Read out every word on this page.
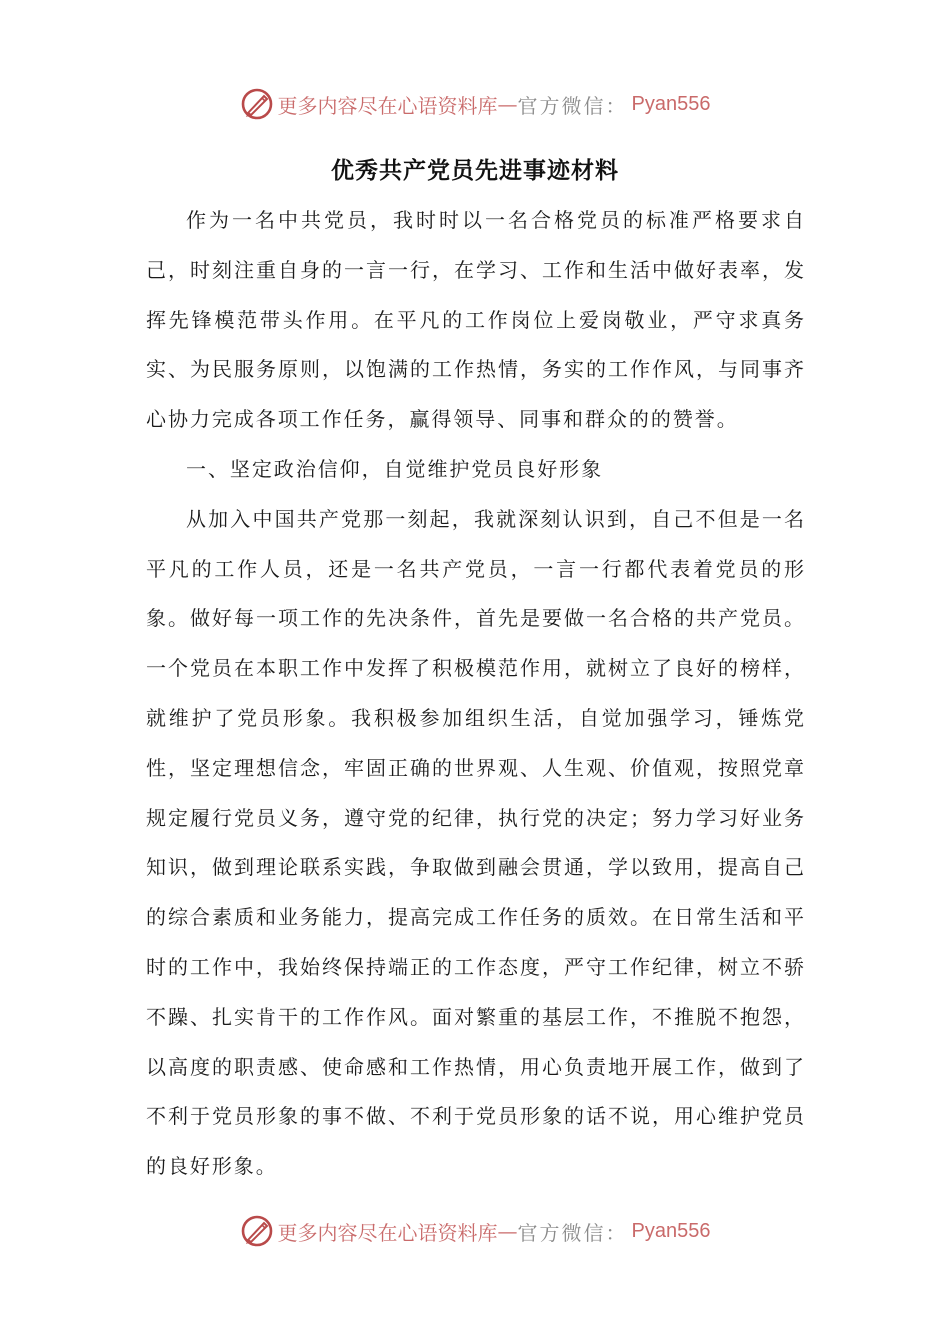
更多内容尽在心语资料库 — 官方微信： Pyan556
优秀共产党员先进事迹材料

作为一名中共党员，我时时以一名合格党员的标准严格要求自己，时刻注重自身的一言一行，在学习、工作和生活中做好表率，发挥先锋模范带头作用。在平凡的工作岗位上爱岗敬业，严守求真务实、为民服务原则，以饱满的工作热情，务实的工作作风，与同事齐心协力完成各项工作任务，赢得领导、同事和群众的的赞誉。

一、坚定政治信仰，自觉维护党员良好形象

从加入中国共产党那一刻起，我就深刻认识到，自己不但是一名平凡的工作人员，还是一名共产党员，一言一行都代表着党员的形象。做好每一项工作的先决条件，首先是要做一名合格的共产党员。一个党员在本职工作中发挥了积极模范作用，就树立了良好的榜样，就维护了党员形象。我积极参加组织生活，自觉加强学习，锤炼党性，坚定理想信念，牢固正确的世界观、人生观、价值观，按照党章规定履行党员义务，遵守党的纪律，执行党的决定；努力学习好业务知识，做到理论联系实践，争取做到融会贯通，学以致用，提高自己的综合素质和业务能力，提高完成工作任务的质效。在日常生活和平时的工作中，我始终保持端正的工作态度，严守工作纪律，树立不骄不躁、扎实肯干的工作作风。面对繁重的基层工作，不推脱不抱怨，以高度的职责感、使命感和工作热情，用心负责地开展工作，做到了不利于党员形象的事不做、不利于党员形象的话不说，用心维护党员的良好形象。

更多内容尽在心语资料库 — 官方微信： Pyan556
